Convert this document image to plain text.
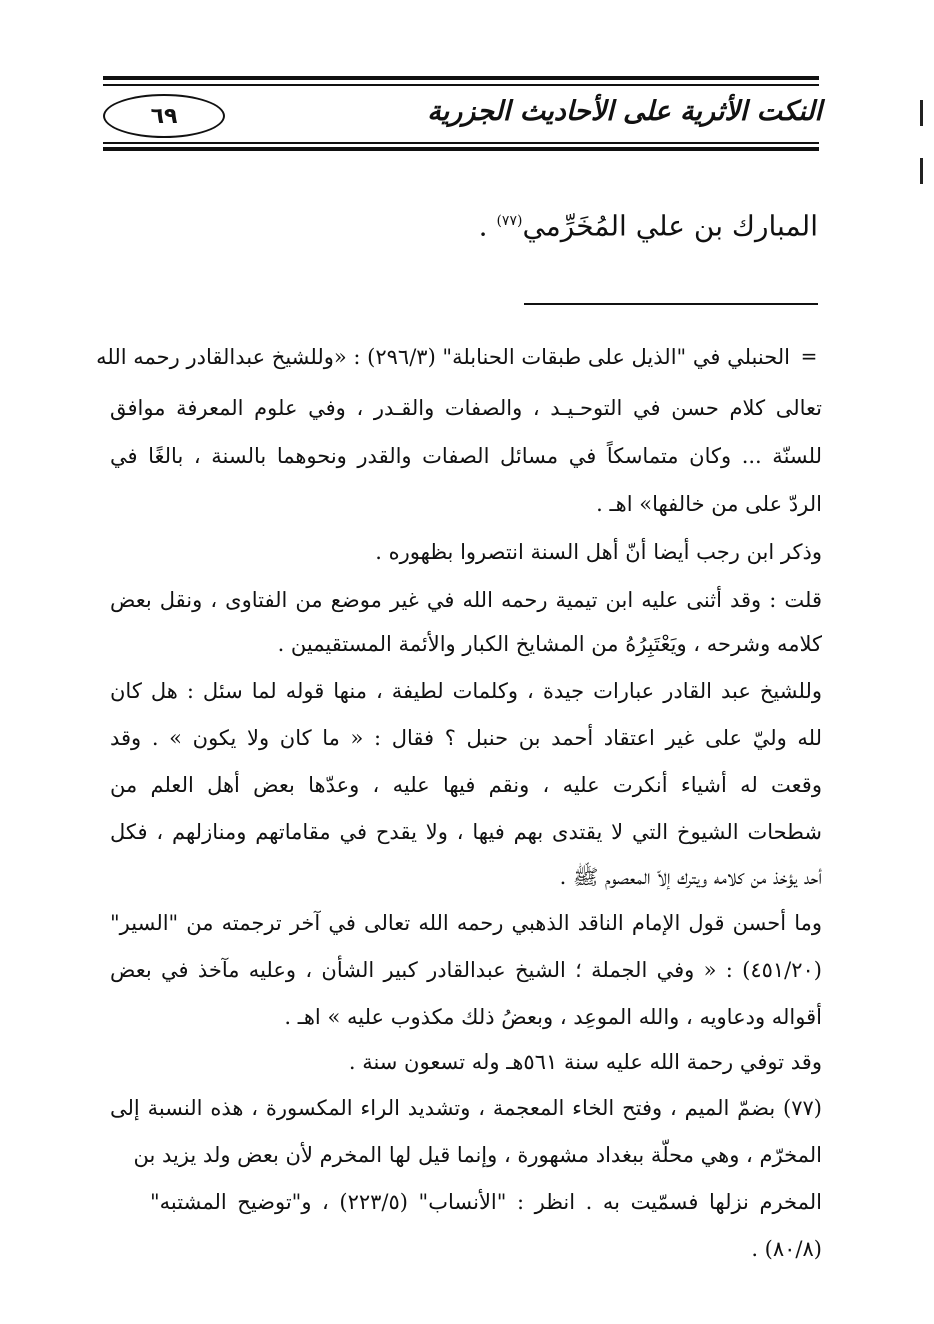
النكت الأثرية على الأحاديث الجزرية
٦٩
المبارك بن علي المُخَرِّمي$^{(٧٧)}$ .
=
الحنبلي في "الذيل على طبقات الحنابلة" (٢٩٦/٣) : «وللشيخ عبدالقادر رحمه الله
تعالى كلام حسن في التوحـيـد ، والصفات والقـدر ، وفي علوم المعرفة موافق
للسنّة ... وكان متماسكاً في مسائل الصفات والقدر ونحوهما بالسنة ، بالغًا في
الردّ على من خالفها» اهـ .
وذكر ابن رجب أيضا أنّ أهل السنة انتصروا بظهوره .
قلت : وقد أثنى عليه ابن تيمية رحمه الله في غير موضع من الفتاوى ، ونقل بعض
كلامه وشرحه ، ويَعْتَبِرُهُ من المشايخ الكبار والأئمة المستقيمين .
وللشيخ عبد القادر عبارات جيدة ، وكلمات لطيفة ، منها قوله لما سئل : هل كان
لله وليّ على غير اعتقاد أحمد بن حنبل ؟ فقال : « ما كان ولا يكون » . وقد
وقعت له أشياء أنكرت عليه ، ونقم فيها عليه ، وعدّها بعض أهل العلم من
شطحات الشيوخ التي لا يقتدى بهم فيها ، ولا يقدح في مقاماتهم ومنازلهم ، فكل
أحد يؤخذ من كلامه ويترك إلاّ المعصوم ﷺ .
وما أحسن قول الإمام الناقد الذهبي رحمه الله تعالى في آخر ترجمته من "السير"
(٤٥١/٢٠) : « وفي الجملة ؛ الشيخ عبدالقادر كبير الشأن ، وعليه مآخذ في بعض
أقواله ودعاويه ، والله الموعِد ، وبعضُ ذلك مكذوب عليه » اهـ .
وقد توفي رحمة الله عليه سنة ٥٦١هـ وله تسعون سنة .
(٧٧) بضمّ الميم ، وفتح الخاء المعجمة ، وتشديد الراء المكسورة ، هذه النسبة إلى
المخرّم ، وهي محلّة ببغداد مشهورة ، وإنما قيل لها المخرم لأن بعض ولد يزيد بن
المخرم نزلها فسمّيت به . انظر : "الأنساب" (٢٢٣/٥) ، و"توضيح المشتبه"
(٨٠/٨) .
